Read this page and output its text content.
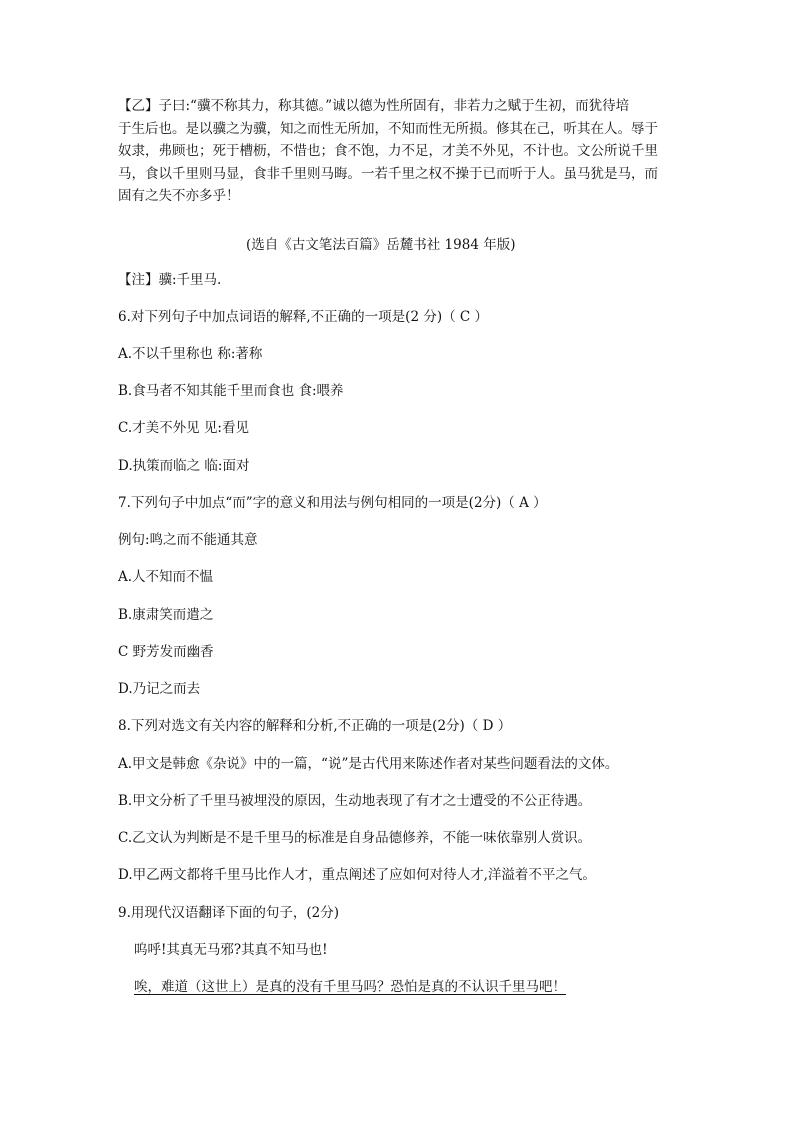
【乙】子曰:“骥不称其力，称其德。”诚以德为性所固有，非若力之赋于生初，而犹待培
于生后也。是以骥之为骥，知之而性无所加，不知而性无所损。修其在己，听其在人。辱于
奴隶，弗顾也；死于槽枥，不惜也；食不饱，力不足，才美不外见，不计也。文公所说千里
马，食以千里则马显，食非千里则马晦。一若千里之权不操于已而听于人。虽马犹是马，而
固有之失不亦多乎！
(选自《古文笔法百篇》岳麓书社 1984 年版)
【注】骥:千里马.
6.对下列句子中加点词语的解释,不正确的一项是(2 分)（ C ）
A.不以千里称也 称:著称
B.食马者不知其能千里而食也 食:喂养
C.才美不外见 见:看见
D.执策而临之 临:面对
7.下列句子中加点“而”字的意义和用法与例句相同的一项是(2分)（ A ）
例句:鸣之而不能通其意
A.人不知而不愠
B.康肃笑而遣之
C 野芳发而幽香
D.乃记之而去
8.下列对选文有关内容的解释和分析,不正确的一项是(2分)（ D ）
A.甲文是韩愈《杂说》中的一篇，“说”是古代用来陈述作者对某些问题看法的文体。
B.甲文分析了千里马被埋没的原因，生动地表现了有才之士遭受的不公正待遇。
C.乙文认为判断是不是千里马的标准是自身品德修养，不能一味依靠别人赏识。
D.甲乙两文都将千里马比作人才，重点阐述了应如何对待人才,洋溢着不平之气。
9.用现代汉语翻译下面的句子，(2分)
呜呼!其真无马邪?其真不知马也!
唉，难道（这世上）是真的没有千里马吗？恐怕是真的不认识千里马吧！
